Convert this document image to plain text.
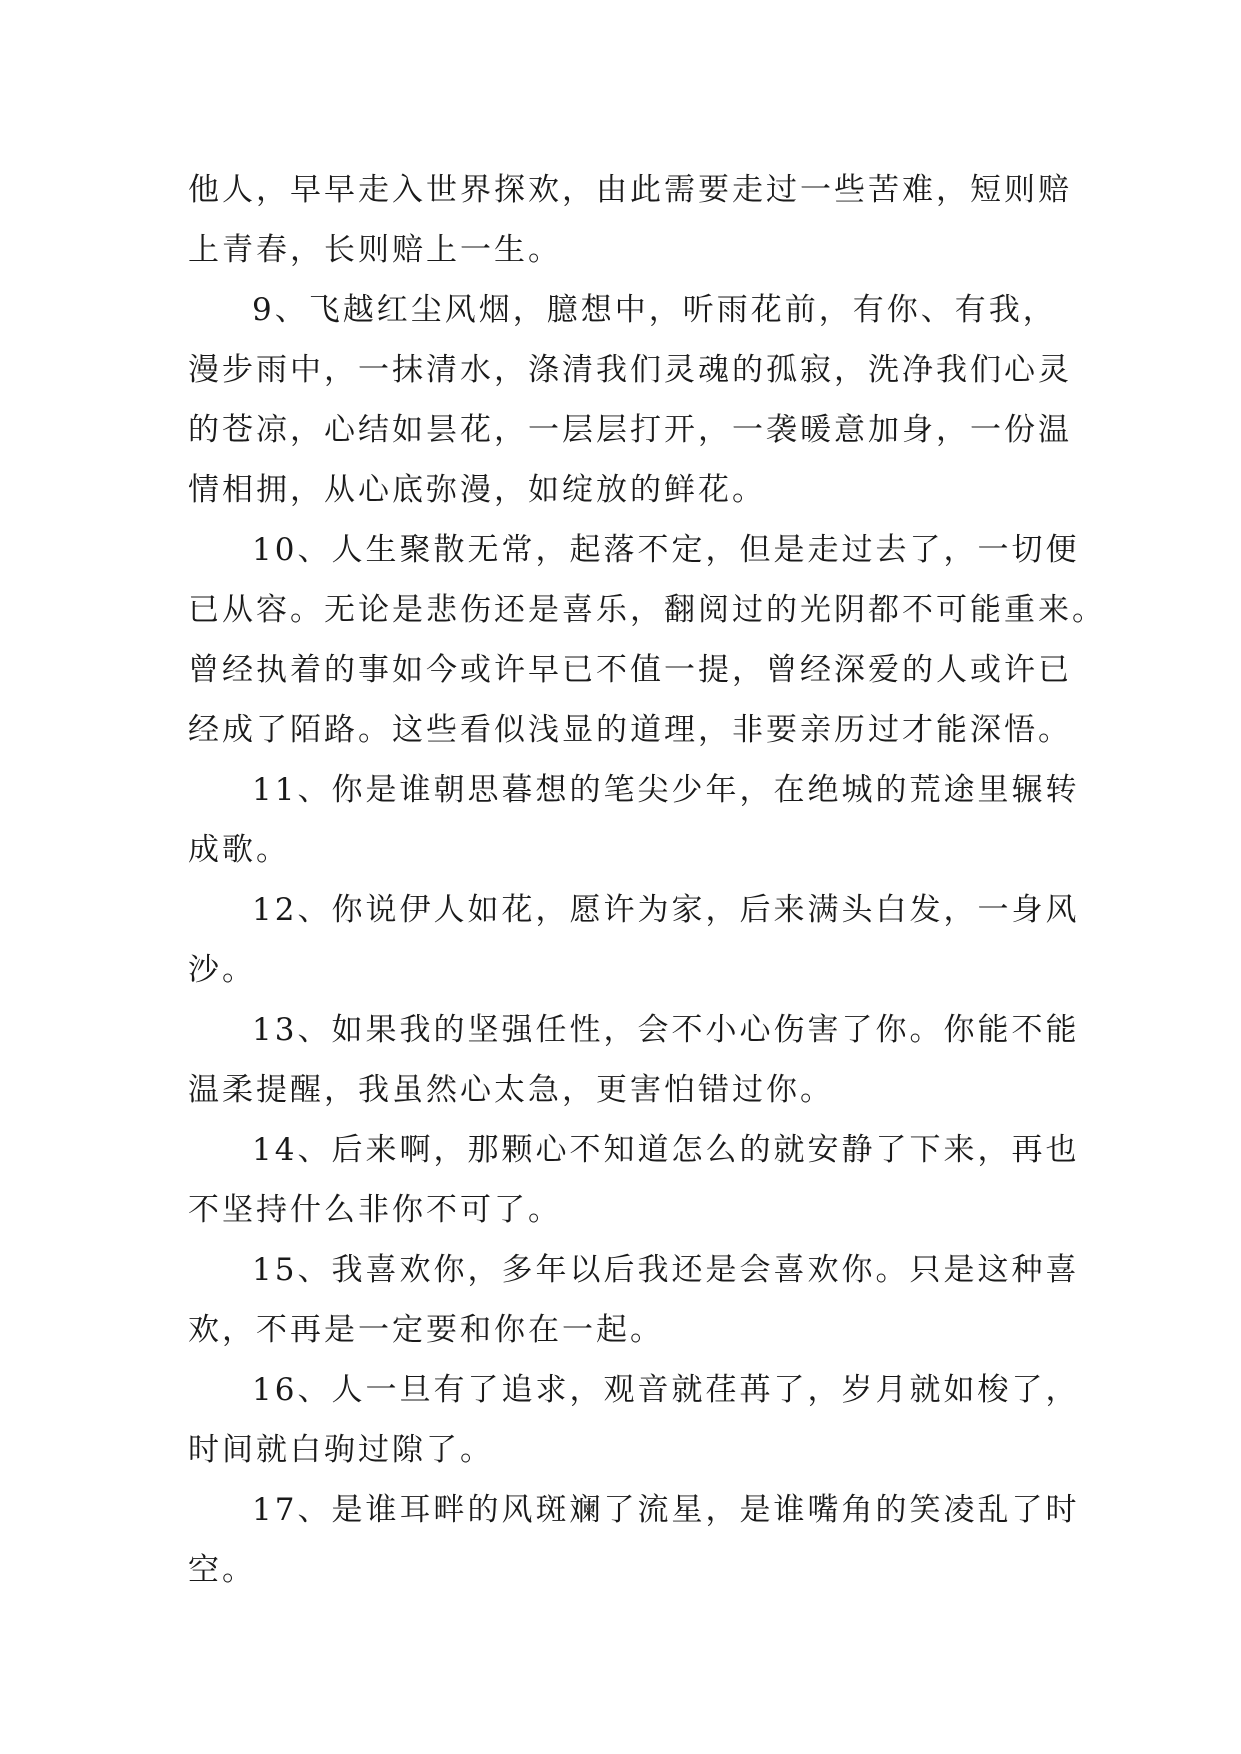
他人，早早走入世界探欢，由此需要走过一些苦难，短则赔
上青春，长则赔上一生。
9、飞越红尘风烟，臆想中，听雨花前，有你、有我，
漫步雨中，一抹清水，涤清我们灵魂的孤寂，洗净我们心灵
的苍凉，心结如昙花，一层层打开，一袭暖意加身，一份温
情相拥，从心底弥漫，如绽放的鲜花。
10、人生聚散无常，起落不定，但是走过去了，一切便
已从容。无论是悲伤还是喜乐，翻阅过的光阴都不可能重来。
曾经执着的事如今或许早已不值一提，曾经深爱的人或许已
经成了陌路。这些看似浅显的道理，非要亲历过才能深悟。
11、你是谁朝思暮想的笔尖少年，在绝城的荒途里辗转
成歌。
12、你说伊人如花，愿许为家，后来满头白发，一身风
沙。
13、如果我的坚强任性，会不小心伤害了你。你能不能
温柔提醒，我虽然心太急，更害怕错过你。
14、后来啊，那颗心不知道怎么的就安静了下来，再也
不坚持什么非你不可了。
15、我喜欢你，多年以后我还是会喜欢你。只是这种喜
欢，不再是一定要和你在一起。
16、人一旦有了追求，观音就荏苒了，岁月就如梭了，
时间就白驹过隙了。
17、是谁耳畔的风斑斓了流星，是谁嘴角的笑凌乱了时
空。
